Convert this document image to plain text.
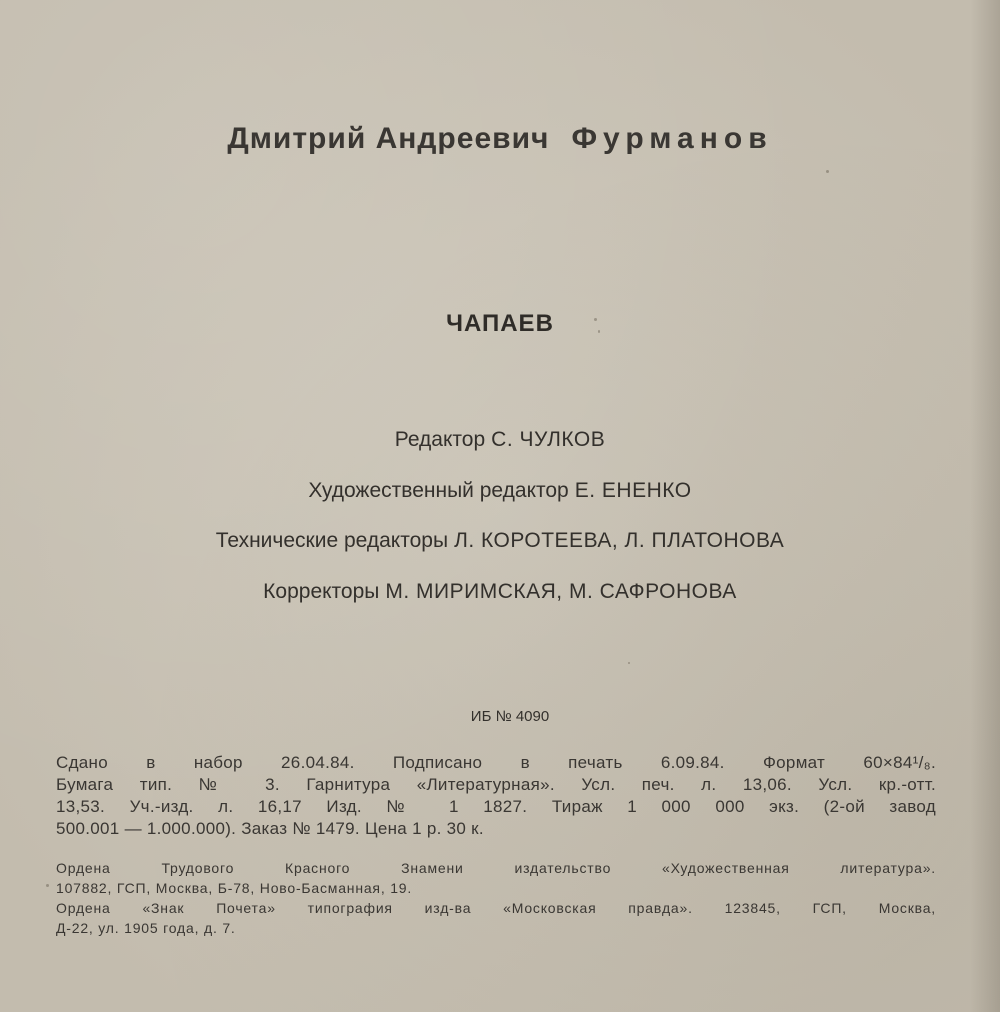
Дмитрий Андреевич Фурманов
ЧАПАЕВ
Редактор С. ЧУЛКОВ
Художественный редактор Е. ЕНЕНКО
Технические редакторы Л. КОРОТЕЕВА, Л. ПЛАТОНОВА
Корректоры М. МИРИМСКАЯ, М. САФРОНОВА
ИБ № 4090
Сдано в набор 26.04.84. Подписано в печать 6.09.84. Формат 60×84¹/₈.
Бумага тип. № 3. Гарнитура «Литературная». Усл. печ. л. 13,06. Усл. кр.-отт.
13,53. Уч.-изд. л. 16,17 Изд. № 1 1827. Тираж 1 000 000 экз. (2-ой завод
500.001 — 1.000.000). Заказ № 1479. Цена 1 р. 30 к.
Ордена Трудового Красного Знамени издательство «Художественная литература».
107882, ГСП, Москва, Б-78, Ново-Басманная, 19.
Ордена «Знак Почета» типография изд-ва «Московская правда». 123845, ГСП, Москва,
Д-22, ул. 1905 года, д. 7.
